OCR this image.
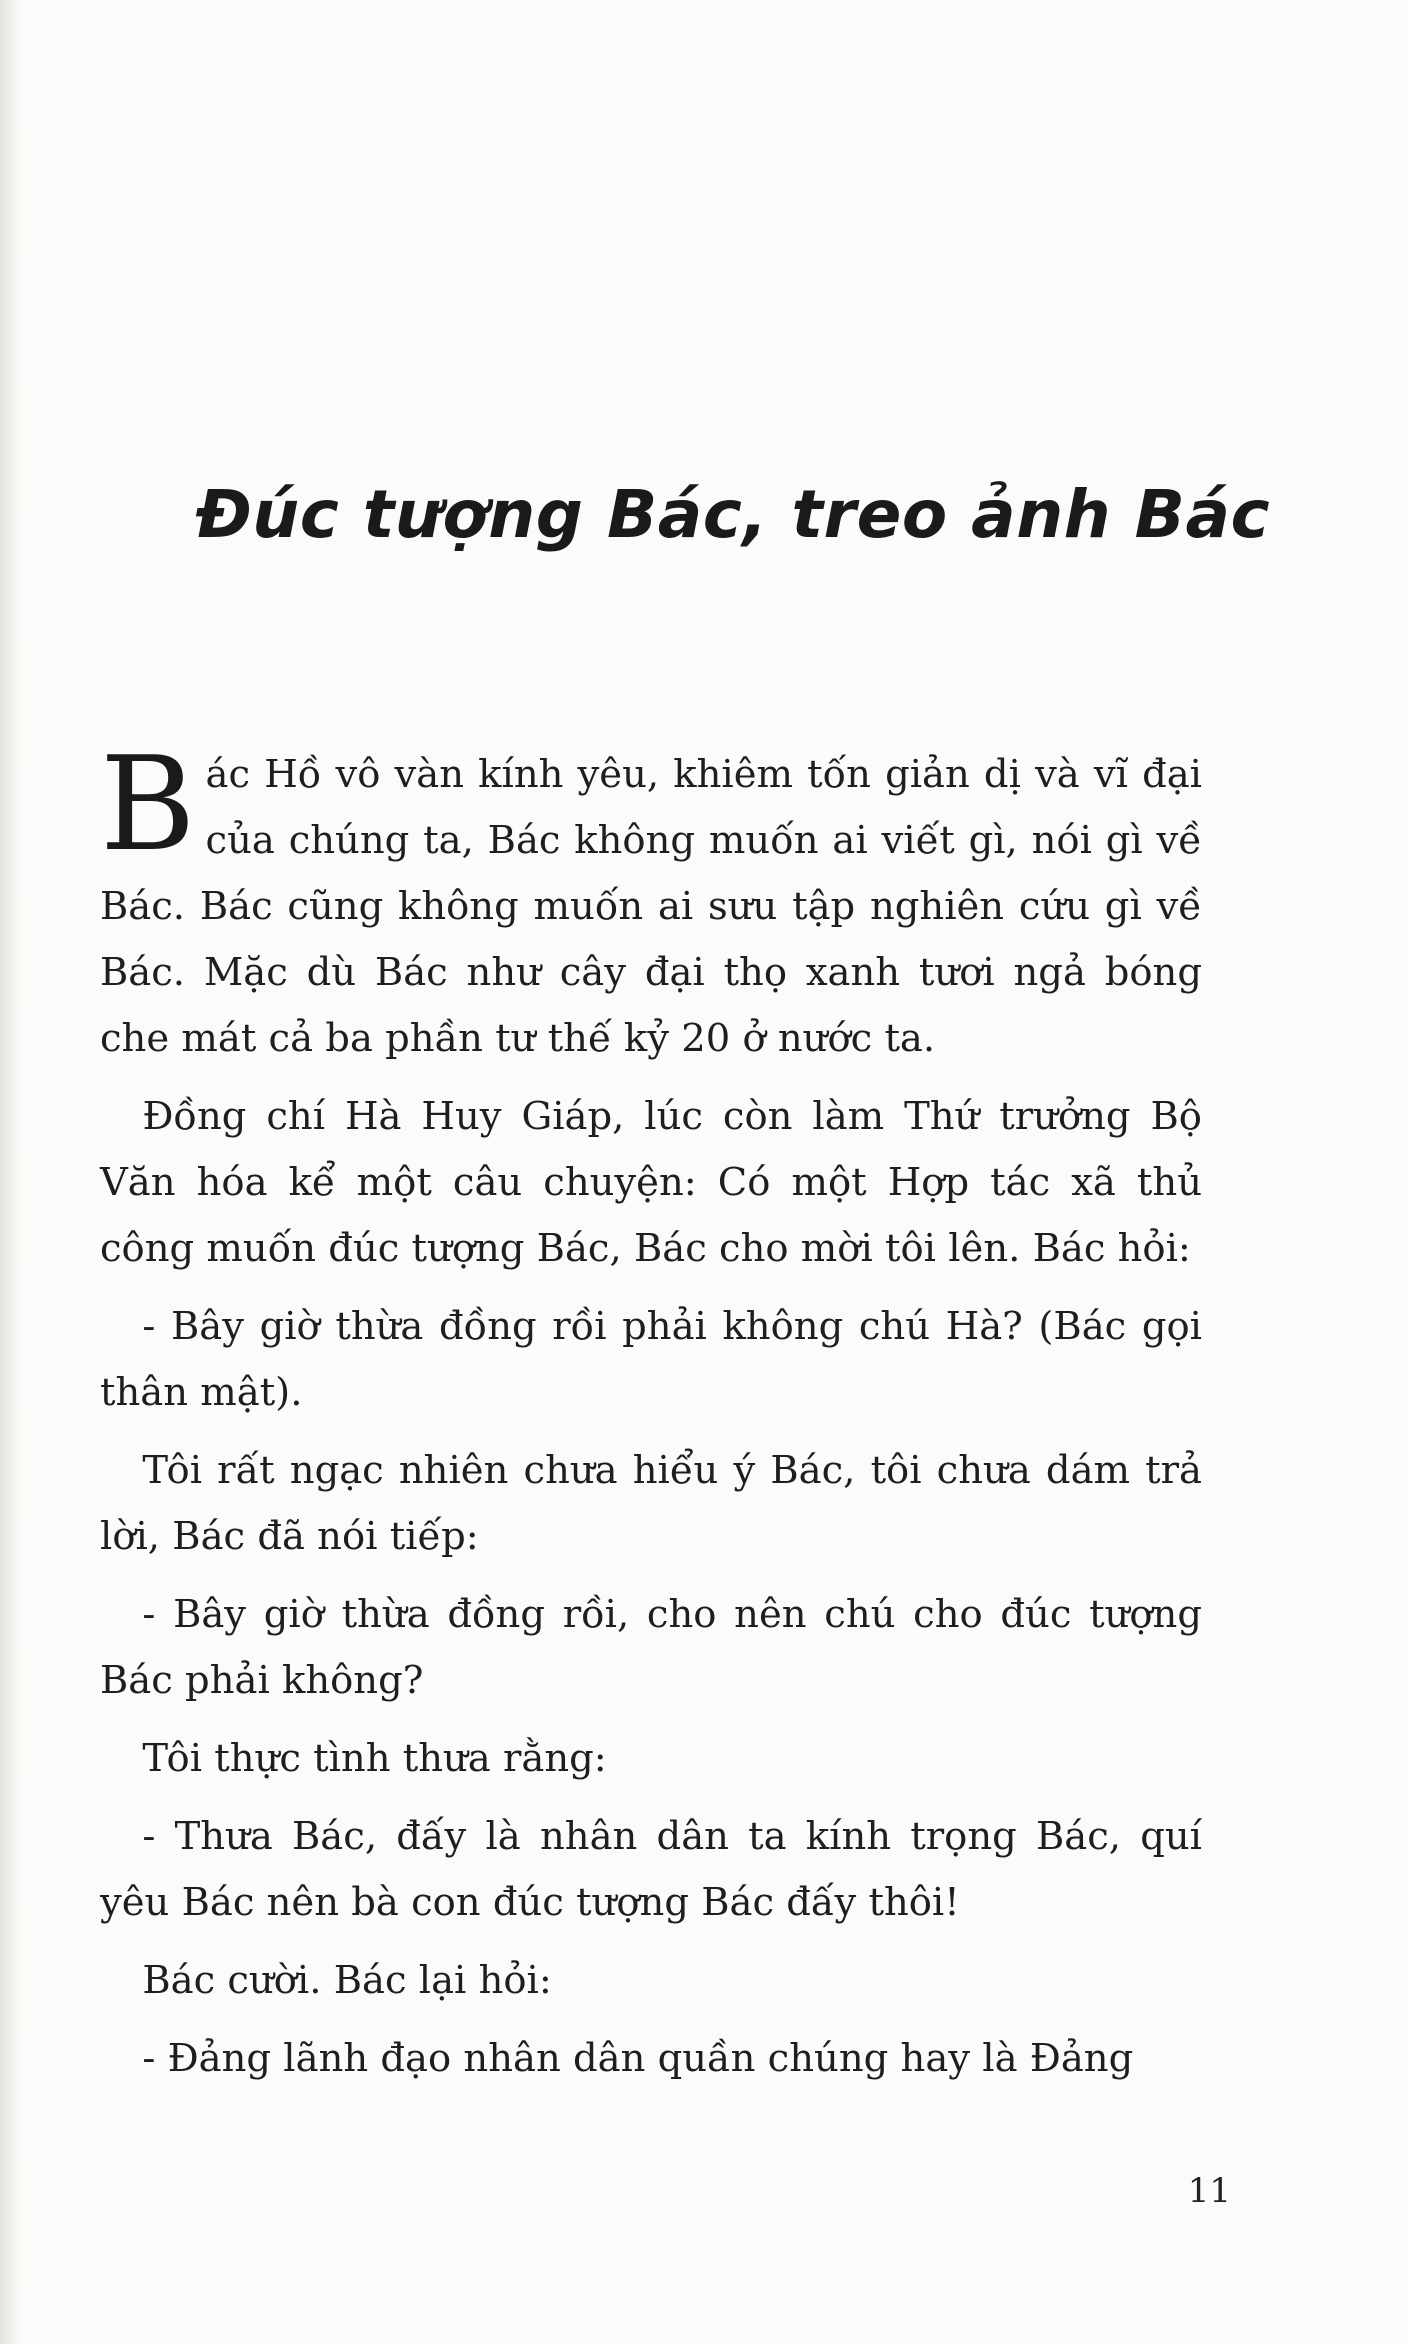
Đúc tượng Bác, treo ảnh Bác

Bác Hồ vô vàn kính yêu, khiêm tốn giản dị và vĩ đại của chúng ta, Bác không muốn ai viết gì, nói gì về Bác. Bác cũng không muốn ai sưu tập nghiên cứu gì về Bác. Mặc dù Bác như cây đại thọ xanh tươi ngả bóng che mát cả ba phần tư thế kỷ 20 ở nước ta.

Đồng chí Hà Huy Giáp, lúc còn làm Thứ trưởng Bộ Văn hóa kể một câu chuyện: Có một Hợp tác xã thủ công muốn đúc tượng Bác, Bác cho mời tôi lên. Bác hỏi:

- Bây giờ thừa đồng rồi phải không chú Hà? (Bác gọi thân mật).

Tôi rất ngạc nhiên chưa hiểu ý Bác, tôi chưa dám trả lời, Bác đã nói tiếp:

- Bây giờ thừa đồng rồi, cho nên chú cho đúc tượng Bác phải không?

Tôi thực tình thưa rằng:

- Thưa Bác, đấy là nhân dân ta kính trọng Bác, quí yêu Bác nên bà con đúc tượng Bác đấy thôi!

Bác cười. Bác lại hỏi:

- Đảng lãnh đạo nhân dân quần chúng hay là Đảng

11
